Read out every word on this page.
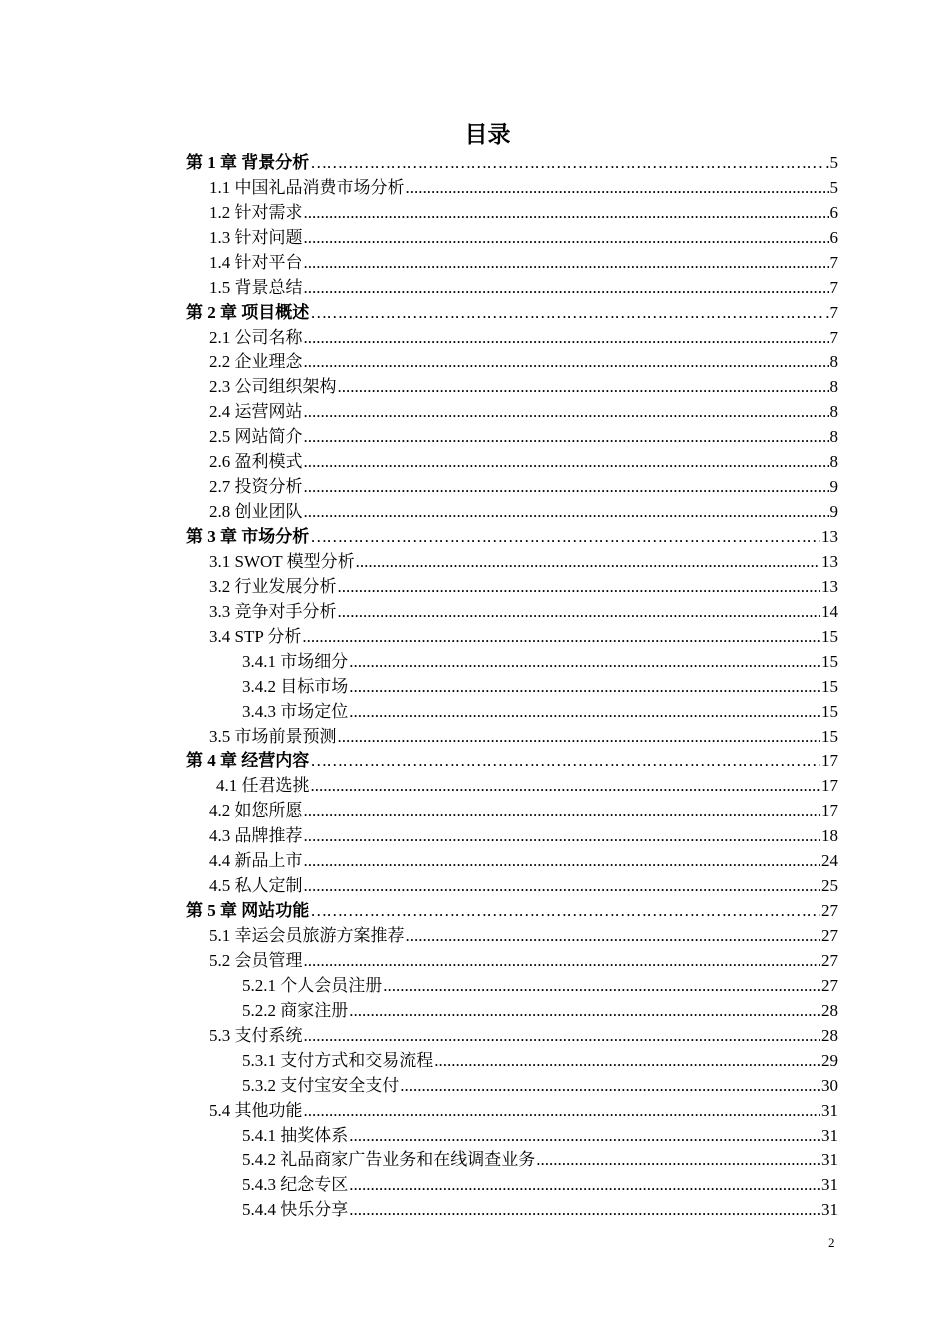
目录
第 1 章 背景分析 …………………………………………………………………………………………………………………………………………………………………………………………………………………………………………………………………………………………………………………………	.5
1.1 中国礼品消费市场分析 .....	5
1.2 针对需求 .....	6
1.3 针对问题 .....	6
1.4 针对平台 .....	7
1.5 背景总结 .....	7
第 2 章 项目概述 …………………………………………………………………………………………………………………………………………………………………………………………………………………………………………………………………………………………………………………………	.7
2.1 公司名称 .....	7
2.2 企业理念 .....	8
2.3 公司组织架构 .....	8
2.4 运营网站 .....	8
2.5 网站简介 .....	8
2.6 盈利模式 .....	8
2.7 投资分析 .....	9
2.8 创业团队 .....	9
第 3 章 市场分析 …………………………………………………………………………………………………………………………………………………………………………………………………………………………………………………………………………………………………………………………	13
3.1 SWOT 模型分析 .....	13
3.2 行业发展分析 .....	13
3.3 竞争对手分析 .....	14
3.4 STP 分析 .....	15
3.4.1 市场细分 .....	15
3.4.2 目标市场 .....	15
3.4.3 市场定位 .....	15
3.5 市场前景预测 .....	15
第 4 章 经营内容 …………………………………………………………………………………………………………………………………………………………………………………………………………………………………………………………………………………………………………………………	17
4.1 任君选挑 .....	17
4.2 如您所愿 .....	17
4.3 品牌推荐 .....	18
4.4 新品上市 .....	24
4.5 私人定制 .....	25
第 5 章 网站功能 …………………………………………………………………………………………………………………………………………………………………………………………………………………………………………………………………………………………………………………………	27
5.1 幸运会员旅游方案推荐 .....	27
5.2 会员管理 .....	27
5.2.1 个人会员注册 .....	27
5.2.2 商家注册 .....	28
5.3 支付系统 .....	28
5.3.1 支付方式和交易流程 .....	29
5.3.2 支付宝安全支付 .....	30
5.4 其他功能 .....	31
5.4.1 抽奖体系 .....	31
5.4.2 礼品商家广告业务和在线调查业务 .....	31
5.4.3 纪念专区 .....	31
5.4.4 快乐分享 .....	31
2
